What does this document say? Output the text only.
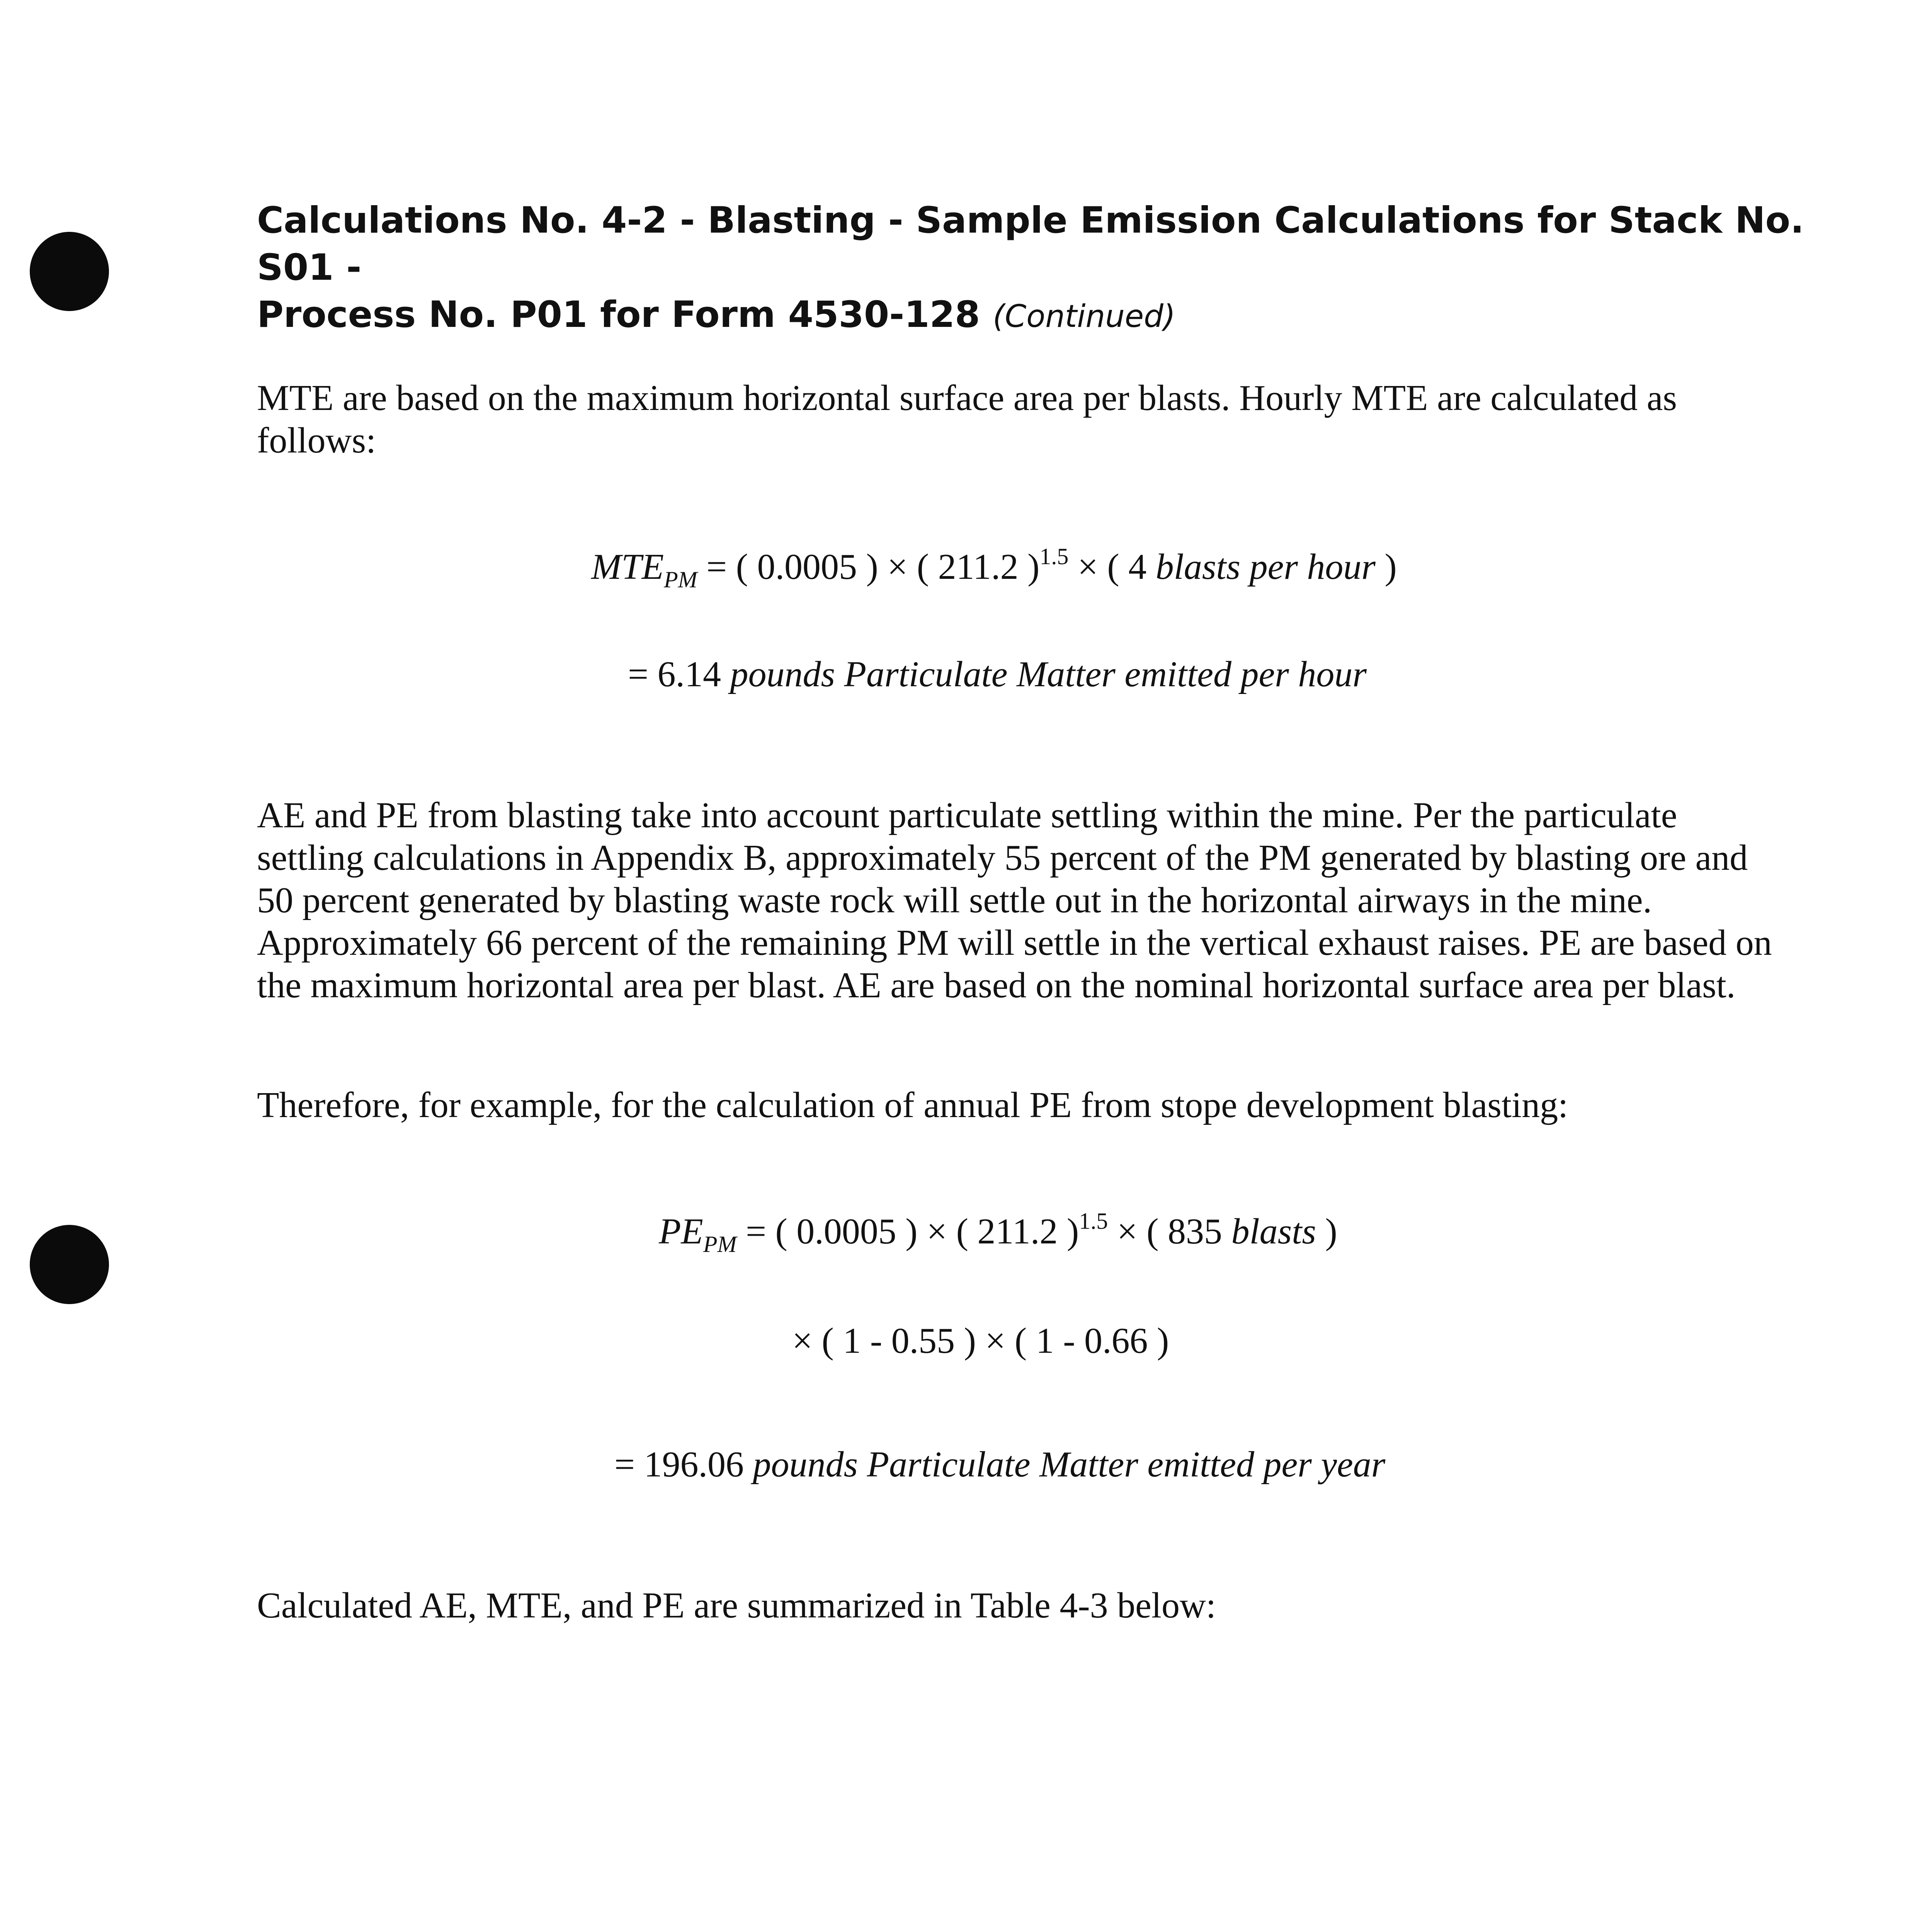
Calculations No. 4-2 - Blasting - Sample Emission Calculations for Stack No. S01 -
Process No. P01 for Form 4530-128 (Continued)

MTE are based on the maximum horizontal surface area per blasts. Hourly MTE are calculated as follows:

$MTE_{PM}$ = ( 0.0005 ) × ( 211.2 )$^{1.5}$ × ( 4 blasts per hour )
= 6.14 pounds Particulate Matter emitted per hour

AE and PE from blasting take into account particulate settling within the mine. Per the particulate settling calculations in Appendix B, approximately 55 percent of the PM generated by blasting ore and 50 percent generated by blasting waste rock will settle out in the horizontal airways in the mine. Approximately 66 percent of the remaining PM will settle in the vertical exhaust raises. PE are based on the maximum horizontal area per blast. AE are based on the nominal horizontal surface area per blast.

Therefore, for example, for the calculation of annual PE from stope development blasting:

$PE_{PM}$ = ( 0.0005 ) × ( 211.2 )$^{1.5}$ × ( 835 blasts )
× ( 1 - 0.55 ) × ( 1 - 0.66 )
= 196.06 pounds Particulate Matter emitted per year

Calculated AE, MTE, and PE are summarized in Table 4-3 below:
